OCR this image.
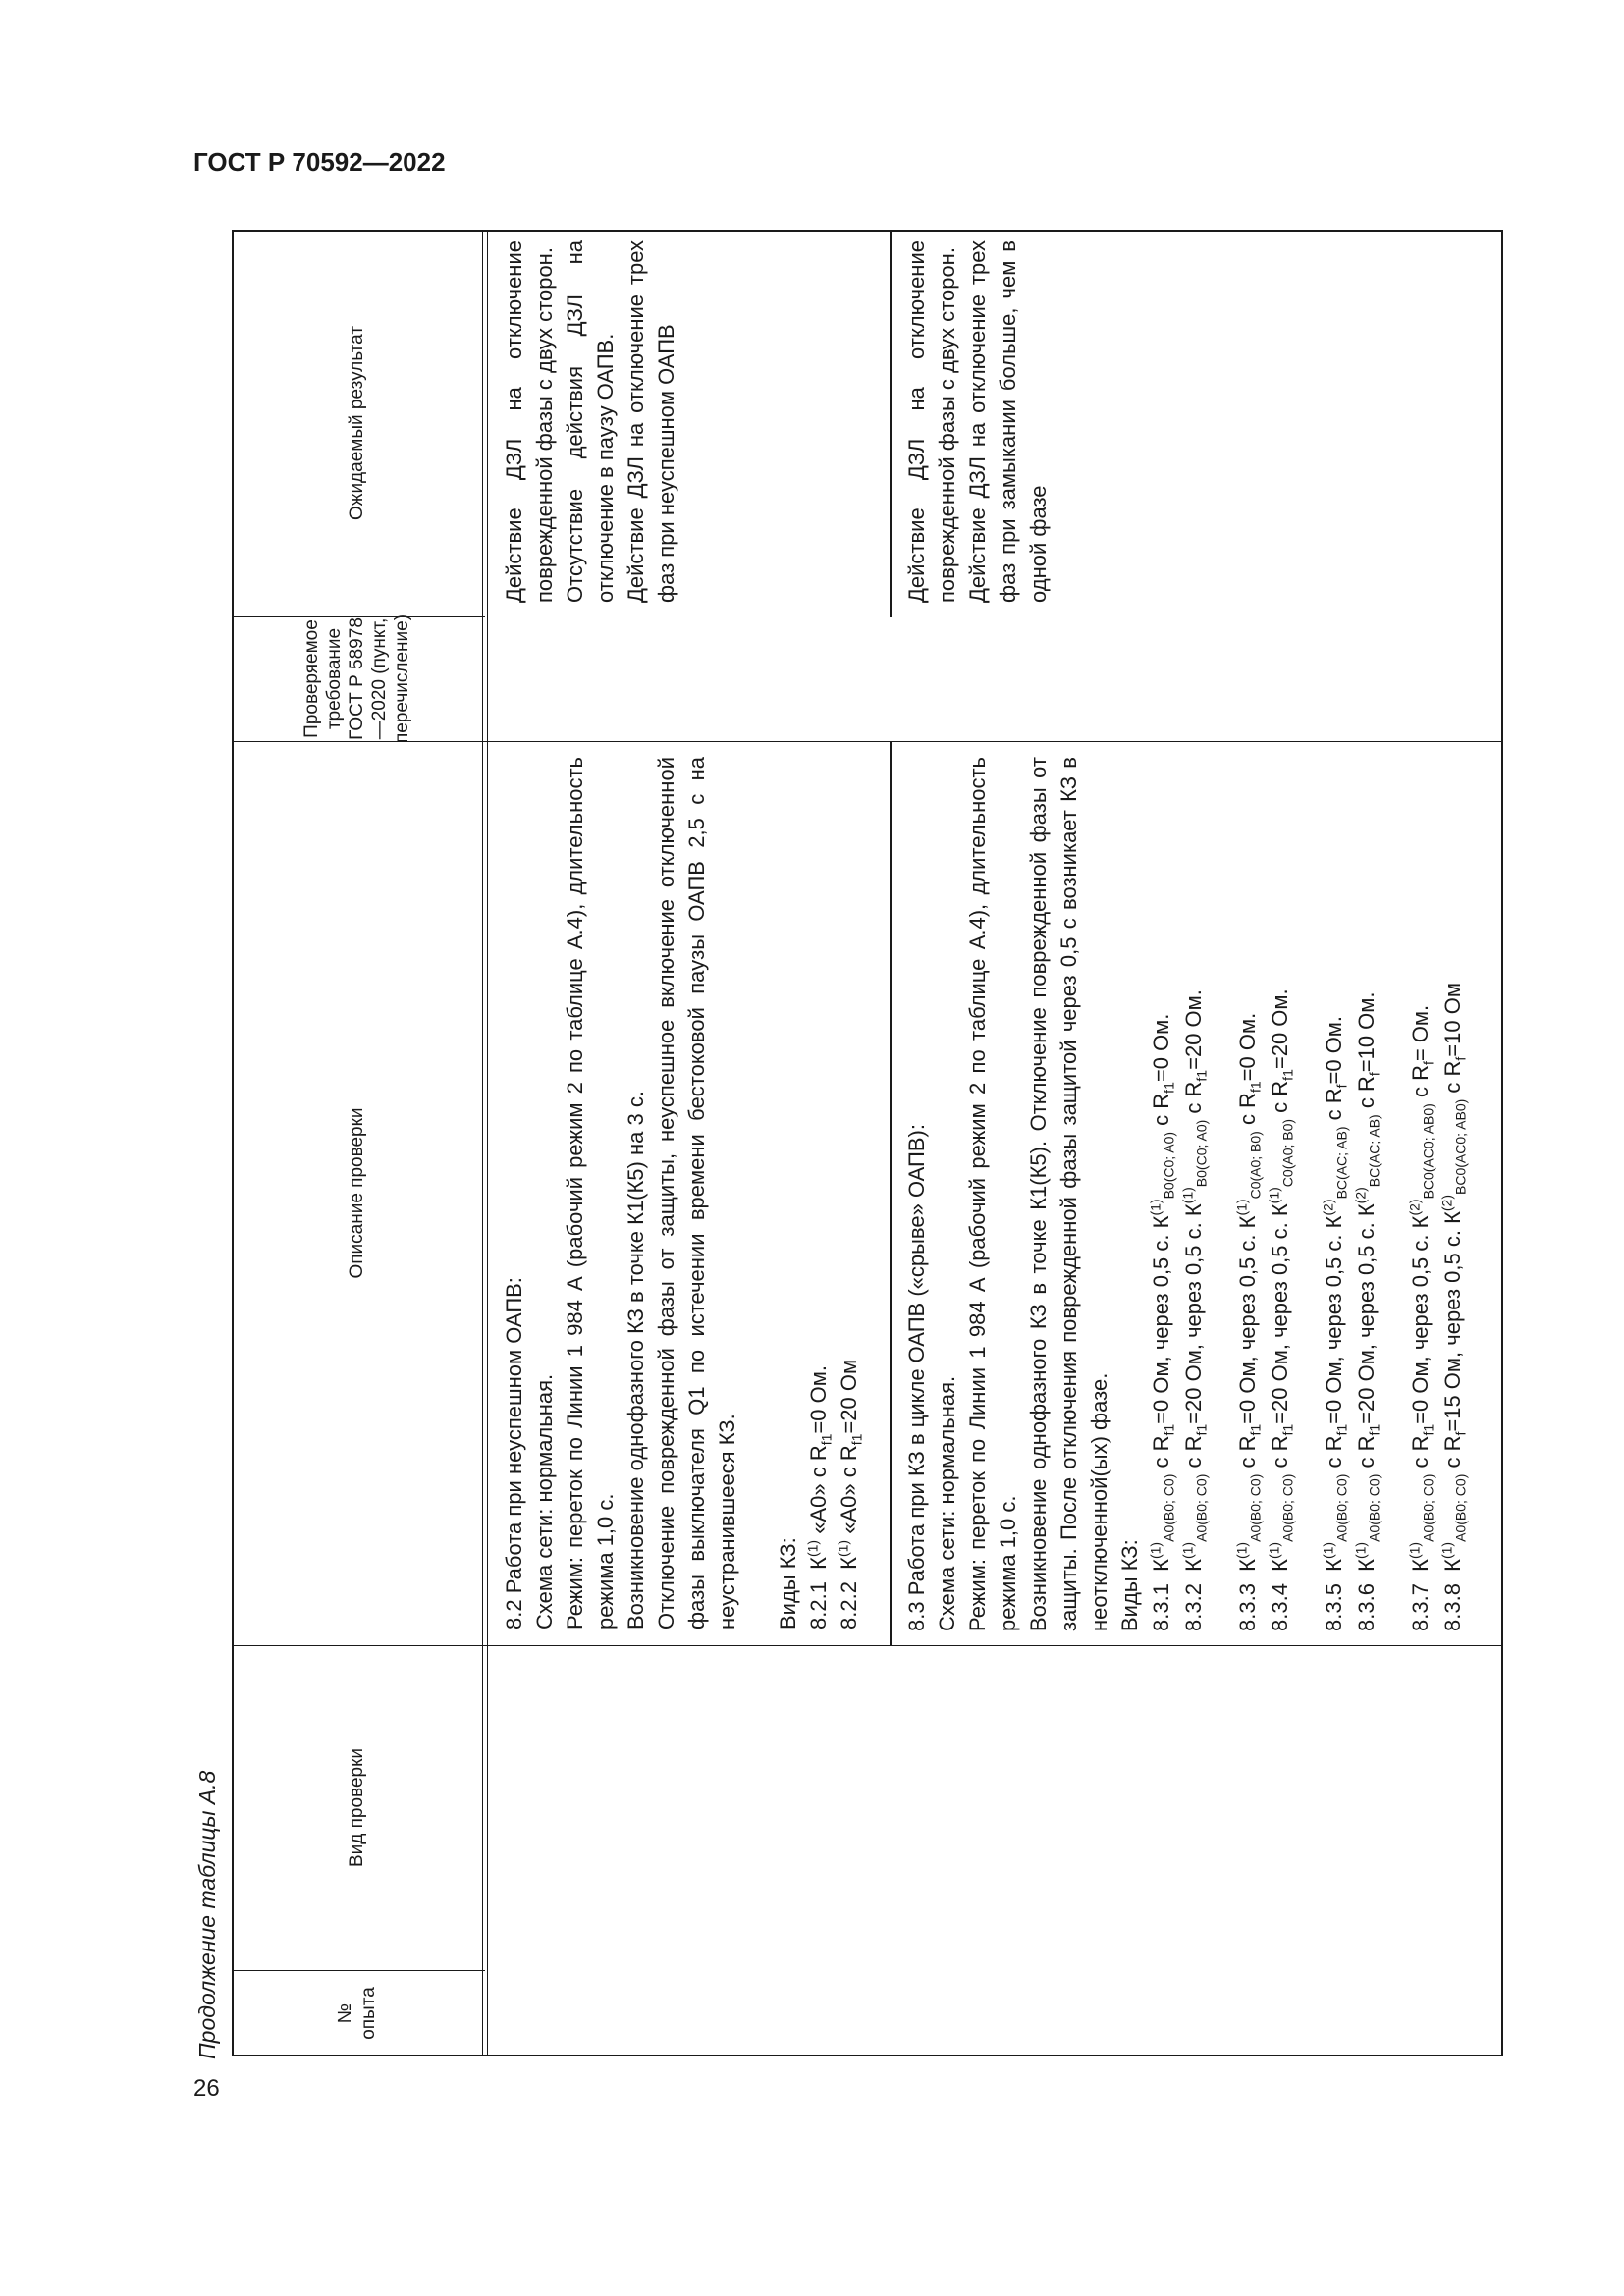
ГОСТ Р 70592—2022
26
Продолжение таблицы А.8	№ опыта
Вид проверки
Описание проверки
Проверяемое требование ГОСТ Р 58978—2020 (пункт, перечисление)
Ожидаемый результат

8.2 Работа при неуспешном ОАПВ: Схема сети: нормальная. Режим: переток по Линии 1 984 А (рабочий режим 2 по таблице А.4), длительность режима 1,0 с. Возникновение однофазного КЗ в точке К1(К5) на 3 с. Отключение поврежденной фазы от защиты, неуспешное включение отключенной фазы выключателя Q1 по истечении времени бестоковой паузы ОАПВ 2,5 с на неустранившееся КЗ. Виды КЗ: 8.2.1  $К^{(1)}$ «А0» с $R_{f1}=0$ Ом.

8.2.2  $К^{(1)}$ «А0» с $R_{f1}=20$ Ом

Действие ДЗЛ на отключение поврежденной фазы с двух сторон. Отсутствие действия ДЗЛ на отключение в паузу ОАПВ. Действие ДЗЛ на отключение трех фаз при неуспешном ОАПВ

8.3 Работа при КЗ в цикле ОАПВ («срыве» ОАПВ): Схема сети: нормальная. Режим: переток по Линии 1 984 А (рабочий режим 2 по таблице А.4), длительность режима 1,0 с. Возникновение однофазного КЗ в точке К1(К5). Отключение поврежденной фазы от защиты. После отключения поврежденной фазы защитой через 0,5 с возникает КЗ в неотключенной(ых) фазе. Виды КЗ: 8.3.1  $К^{(1)}_{A0(B0; C0)}$ с $R_{f1}=0$ Ом, через 0,5 с. $К^{(1)}_{B0(C0; A0)}$ с $R_{f1}=0$ Ом.

8.3.2  $К^{(1)}_{A0(B0; C0)}$ с $R_{f1}=20$ Ом, через 0,5 с. $К^{(1)}_{B0(C0; A0)}$ с $R_{f1}=20$ Ом.

8.3.3  $К^{(1)}_{A0(B0; C0)}$ с $R_{f1}=0$ Ом, через 0,5 с. $К^{(1)}_{C0(A0; B0)}$ с $R_{f1}=0$ Ом.

8.3.4  $К^{(1)}_{A0(B0; C0)}$ с $R_{f1}=20$ Ом, через 0,5 с. $К^{(1)}_{C0(A0; B0)}$ с $R_{f1}=20$ Ом.

8.3.5  $К^{(1)}_{A0(B0; C0)}$ с $R_{f1}=0$ Ом, через 0,5 с. $К^{(2)}_{BC(AC; AB)}$ с $R_f=0$ Ом.

8.3.6  $К^{(1)}_{A0(B0; C0)}$ с $R_{f1}=20$ Ом, через 0,5 с. $К^{(2)}_{BC(AC; AB)}$ с $R_f=10$ Ом.

8.3.7  $К^{(1)}_{A0(B0; C0)}$ с $R_{f1}=0$ Ом, через 0,5 с. $К^{(2)}_{BC0(AC0; AB0)}$ с $R_f=$ Ом.

8.3.8  $К^{(1)}_{A0(B0; C0)}$ с $R_f=15$ Ом, через 0,5 с. $К^{(2)}_{BC0(AC0; AB0)}$ с $R_f=10$ Ом

Действие ДЗЛ на отключение поврежденной фазы с двух сторон. Действие ДЗЛ на отключение трех фаз при замыкании больше, чем в одной фазе
